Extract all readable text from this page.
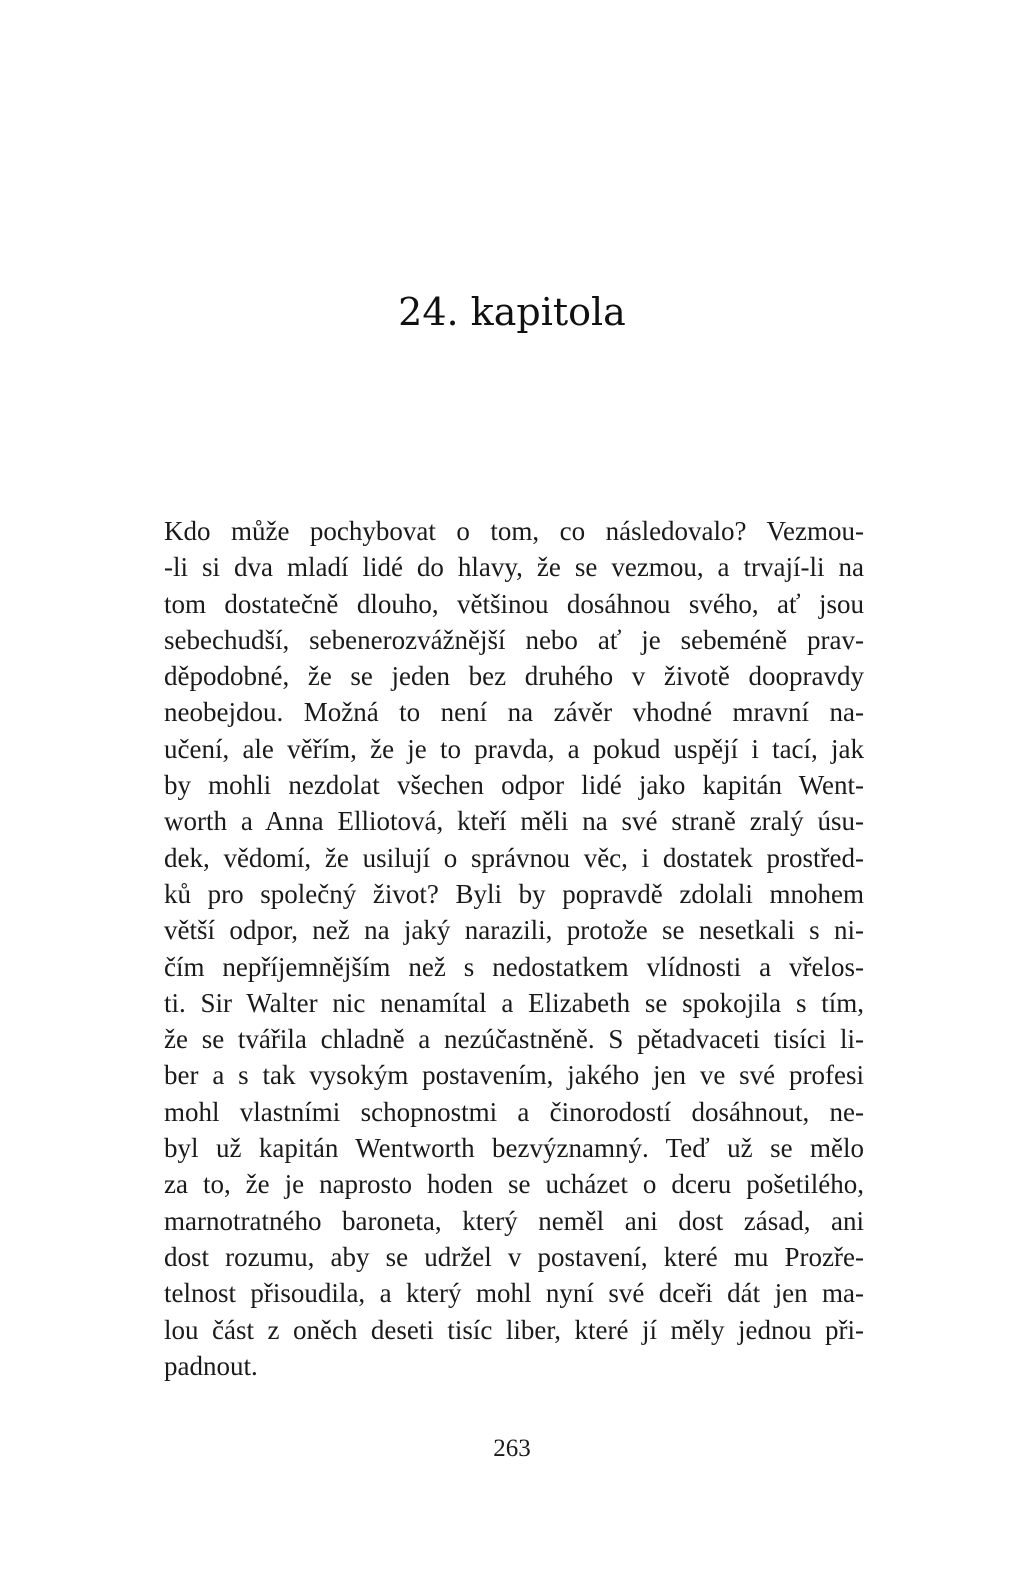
24. kapitola
Kdo může pochybovat o tom, co následovalo? Vezmou-
-li si dva mladí lidé do hlavy, že se vezmou, a trvají-li na
tom dostatečně dlouho, většinou dosáhnou svého, ať jsou
sebechudší, sebenerozvážnější nebo ať je sebeméně prav-
děpodobné, že se jeden bez druhého v životě doopravdy
neobejdou. Možná to není na závěr vhodné mravní na-
učení, ale věřím, že je to pravda, a pokud uspějí i tací, jak
by mohli nezdolat všechen odpor lidé jako kapitán Went-
worth a Anna Elliotová, kteří měli na své straně zralý úsu-
dek, vědomí, že usilují o správnou věc, i dostatek prostřed-
ků pro společný život? Byli by popravdě zdolali mnohem
větší odpor, než na jaký narazili, protože se nesetkali s ni-
čím nepříjemnějším než s nedostatkem vlídnosti a vřelos-
ti. Sir Walter nic nenamítal a Elizabeth se spokojila s tím,
že se tvářila chladně a nezúčastněně. S pětadvaceti tisíci li-
ber a s tak vysokým postavením, jakého jen ve své profesi
mohl vlastními schopnostmi a činorodostí dosáhnout, ne-
byl už kapitán Wentworth bezvýznamný. Teď už se mělo
za to, že je naprosto hoden se ucházet o dceru pošetilého,
marnotratného baroneta, který neměl ani dost zásad, ani
dost rozumu, aby se udržel v postavení, které mu Prozře-
telnost přisoudila, a který mohl nyní své dceři dát jen ma-
lou část z oněch deseti tisíc liber, které jí měly jednou při-
padnout.
263
